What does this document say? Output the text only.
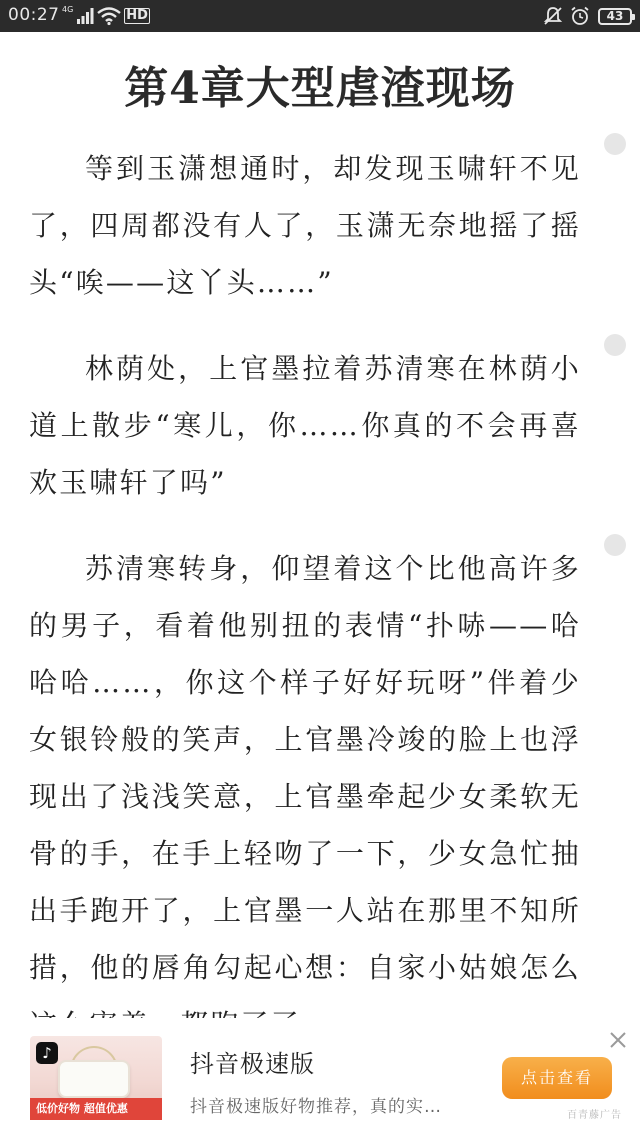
00:27 4G	HD	43
第4章大型虐渣现场

等到玉潇想通时，却发现玉啸轩不见了，四周都没有人了，玉潇无奈地摇了摇头“唉——这丫头……”

林荫处，上官墨拉着苏清寒在林荫小道上散步“寒儿，你……你真的不会再喜欢玉啸轩了吗”

苏清寒转身，仰望着这个比他高许多的男子，看着他别扭的表情“扑哧——哈哈哈……，你这个样子好好玩呀”伴着少女银铃般的笑声，上官墨冷竣的脸上也浮现出了浅浅笑意，上官墨牵起少女柔软无骨的手，在手上轻吻了一下，少女急忙抽出手跑开了，上官墨一人站在那里不知所措，他的唇角勾起心想：自家小姑娘怎么

♪
低价好物 超值优惠
抖音极速版
抖音极速版好物推荐，真的实…
点击查看
百青藤广告
